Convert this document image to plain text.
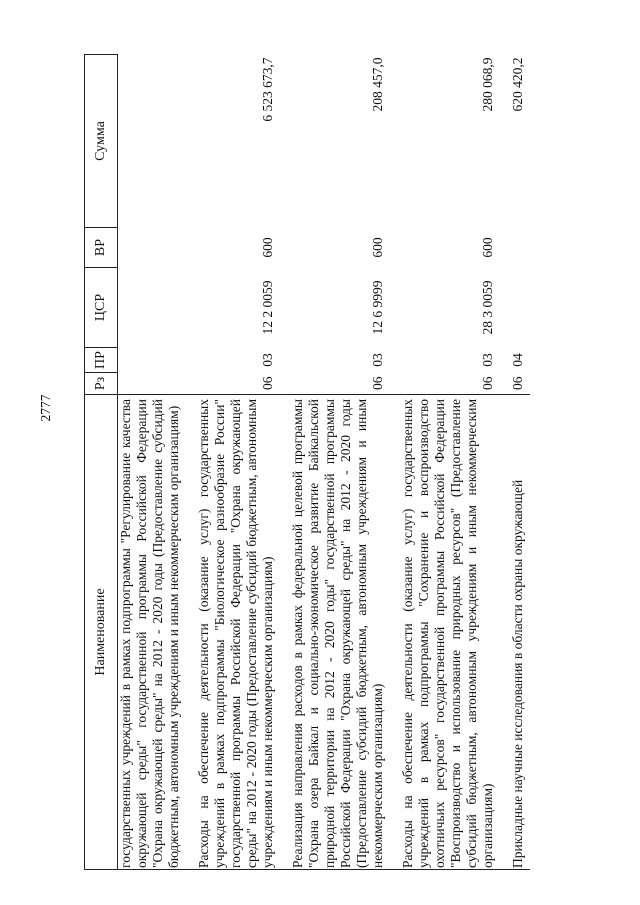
2777
Наименование	Рз	ПР	ЦСР	ВР	Сумма
государственных учреждений в рамках подпрограммы "Регулирование качества окружающей среды" государственной программы Российской Федерации "Охрана окружающей среды" на 2012 - 2020 годы (Предоставление субсидий бюджетным, автономным учреждениям и иным некоммерческим организациям)					
Расходы на обеспечение деятельности (оказание услуг) государственных учреждений в рамках подпрограммы "Биологическое разнообразие России" государственной программы Российской Федерации "Охрана окружающей среды" на 2012 - 2020 годы (Предоставление субсидий бюджетным, автономным учреждениям и иным некоммерческим организациям)	06	03	12 2 0059	600	6 523 673,7
Реализация направления расходов в рамках федеральной целевой программы "Охрана озера Байкал и социально-экономическое развитие Байкальской природной территории на 2012 - 2020 годы" государственной программы Российской Федерации "Охрана окружающей среды" на 2012 - 2020 годы (Предоставление субсидий бюджетным, автономным учреждениям и иным некоммерческим организациям)	06	03	12 6 9999	600	208 457,0
Расходы на обеспечение деятельности (оказание услуг) государственных учреждений в рамках подпрограммы "Сохранение и воспроизводство охотничьих ресурсов" государственной программы Российской Федерации "Воспроизводство и использование природных ресурсов" (Предоставление субсидий бюджетным, автономным учреждениям и иным некоммерческим организациям)	06	03	28 3 0059	600	280 068,9
Прикладные научные исследования в области охраны окружающей	06	04			620 420,2
